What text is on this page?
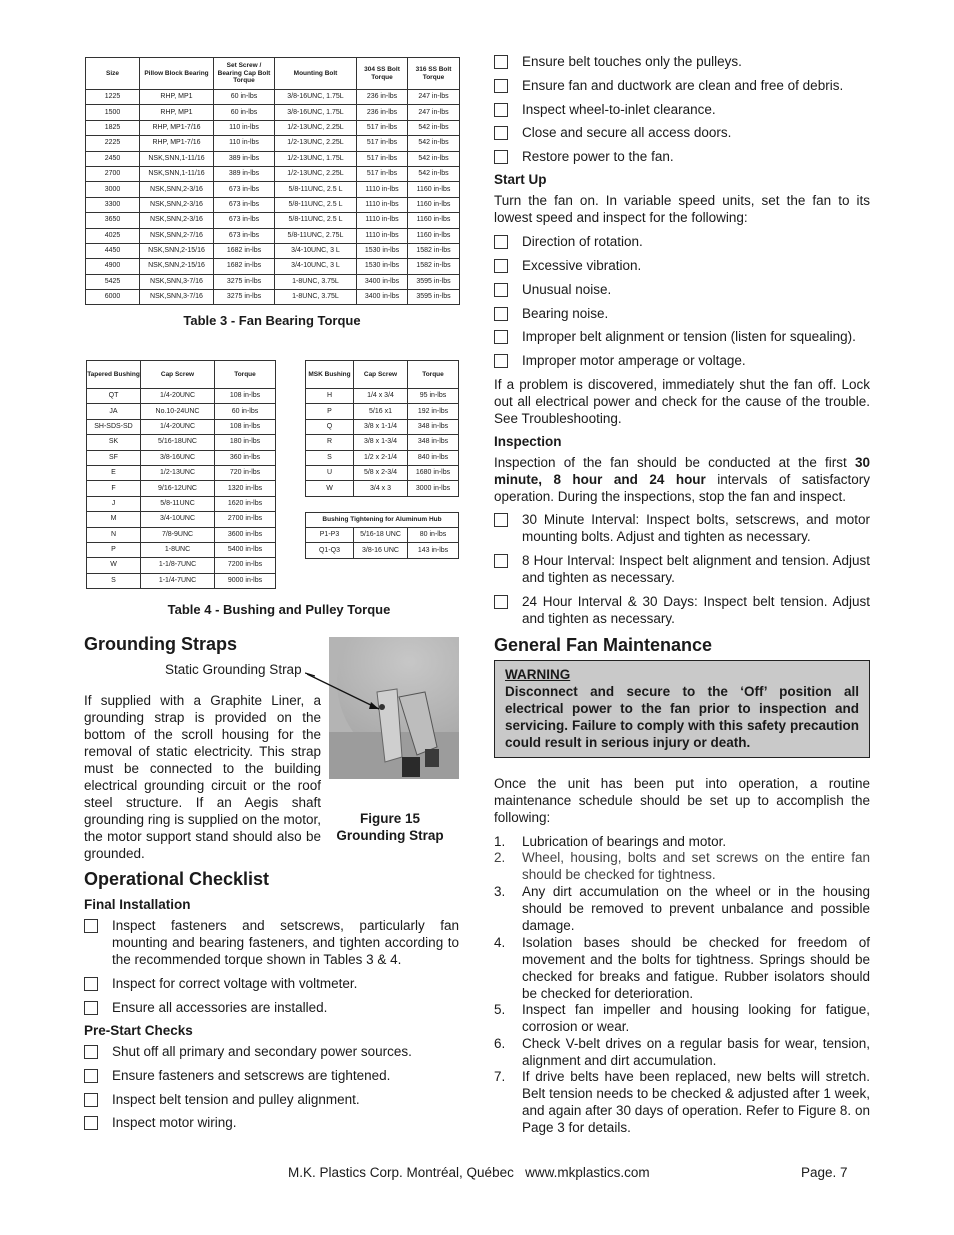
Size	Pillow Block Bearing	Set Screw / Bearing Cap Bolt Torque	Mounting Bolt	304 SS Bolt Torque	316 SS Bolt Torque
1225	RHP, MP1	60 in-lbs	3/8-16UNC, 1.75L	236 in-lbs	247 in-lbs
1500	RHP, MP1	60 in-lbs	3/8-16UNC, 1.75L	236 in-lbs	247 in-lbs
1825	RHP, MP1-7/16	110 in-lbs	1/2-13UNC, 2.25L	517 in-lbs	542 in-lbs
2225	RHP, MP1-7/16	110 in-lbs	1/2-13UNC, 2.25L	517 in-lbs	542 in-lbs
2450	NSK,SNN,1-11/16	389 in-lbs	1/2-13UNC, 1.75L	517 in-lbs	542 in-lbs
2700	NSK,SNN,1-11/16	389 in-lbs	1/2-13UNC, 2.25L	517 in-lbs	542 in-lbs
3000	NSK,SNN,2-3/16	673 in-lbs	5/8-11UNC, 2.5 L	1110 in-lbs	1160 in-lbs
3300	NSK,SNN,2-3/16	673 in-lbs	5/8-11UNC, 2.5 L	1110 in-lbs	1160 in-lbs
3650	NSK,SNN,2-3/16	673 in-lbs	5/8-11UNC, 2.5 L	1110 in-lbs	1160 in-lbs
4025	NSK,SNN,2-7/16	673 in-lbs	5/8-11UNC, 2.75L	1110 in-lbs	1160 in-lbs
4450	NSK,SNN,2-15/16	1682 in-lbs	3/4-10UNC, 3 L	1530 in-lbs	1582 in-lbs
4900	NSK,SNN,2-15/16	1682 in-lbs	3/4-10UNC, 3 L	1530 in-lbs	1582 in-lbs
5425	NSK,SNN,3-7/16	3275 in-lbs	1-8UNC, 3.75L	3400 in-lbs	3595 in-lbs
6000	NSK,SNN,3-7/16	3275 in-lbs	1-8UNC, 3.75L	3400 in-lbs	3595 in-lbs
Table 3 - Fan Bearing Torque
Tapered Bushing	Cap Screw	Torque
QT	1/4-20UNC	108 in-lbs
JA	No.10-24UNC	60 in-lbs
SH-SDS-SD	1/4-20UNC	108 in-lbs
SK	5/16-18UNC	180 in-lbs
SF	3/8-16UNC	360 in-lbs
E	1/2-13UNC	720 in-lbs
F	9/16-12UNC	1320 in-lbs
J	5/8-11UNC	1620 in-lbs
M	3/4-10UNC	2700 in-lbs
N	7/8-9UNC	3600 in-lbs
P	1-8UNC	5400 in-lbs
W	1-1/8-7UNC	7200 in-lbs
S	1-1/4-7UNC	9000 in-lbs
MSK Bushing	Cap Screw	Torque
H	1/4 x 3/4	95 in-lbs
P	5/16 x1	192 in-lbs
Q	3/8 x 1-1/4	348 in-lbs
R	3/8 x 1-3/4	348 in-lbs
S	1/2 x 2-1/4	840 in-lbs
U	5/8 x 2-3/4	1680 in-lbs
W	3/4 x 3	3000 in-lbs
Bushing Tightening for Aluminum Hub		
P1-P3	5/16-18 UNC	80 in-lbs
Q1-Q3	3/8-16 UNC	143 in-lbs
Table 4 - Bushing and Pulley Torque
Grounding Straps
Static Grounding Strap
If supplied with a Graphite Liner, a grounding strap is provided on the bottom of the scroll housing for the removal of static electricity. This strap must be connected to the building electrical grounding circuit or the roof steel structure. If an Aegis shaft grounding ring is supplied on the motor, the motor support stand should also be grounded.
Figure 15
Grounding Strap
Operational Checklist
Final Installation
Inspect fasteners and setscrews, particularly fan mounting and bearing fasteners, and tighten according to the recommended torque shown in Tables 3 & 4.
Inspect for correct voltage with voltmeter.
Ensure all accessories are installed.
Pre-Start Checks
Shut off all primary and secondary power sources.
Ensure fasteners and setscrews are tightened.
Inspect belt tension and pulley alignment.
Inspect motor wiring.
Ensure belt touches only the pulleys.
Ensure fan and ductwork are clean and free of debris.
Inspect wheel-to-inlet clearance.
Close and secure all access doors.
Restore power to the fan.
Start Up
Turn the fan on. In variable speed units, set the fan to its lowest speed and inspect for the following:
Direction of rotation.
Excessive vibration.
Unusual noise.
Bearing noise.
Improper belt alignment or tension (listen for squealing).
Improper motor amperage or voltage.
If a problem is discovered, immediately shut the fan off. Lock out all electrical power and check for the cause of the trouble. See Troubleshooting.
Inspection
Inspection of the fan should be conducted at the first 30 minute, 8 hour and 24 hour intervals of satisfactory operation. During the inspections, stop the fan and inspect.
30 Minute Interval: Inspect bolts, setscrews, and motor mounting bolts. Adjust and tighten as necessary.
8 Hour Interval: Inspect belt alignment and tension. Adjust and tighten as necessary.
24 Hour Interval & 30 Days: Inspect belt tension. Adjust and tighten as necessary.
General Fan Maintenance
WARNING
Disconnect and secure to the ‘Off’ position all electrical power to the fan prior to inspection and servicing. Failure to comply with this safety precaution could result in serious injury or death.
Once the unit has been put into operation, a routine maintenance schedule should be set up to accomplish the following:
1. Lubrication of bearings and motor.
2. Wheel, housing, bolts and set screws on the entire fan should be checked for tightness.
3. Any dirt accumulation on the wheel or in the housing should be removed to prevent unbalance and possible damage.
4. Isolation bases should be checked for freedom of movement and the bolts for tightness. Springs should be checked for breaks and fatigue. Rubber isolators should be checked for deterioration.
5. Inspect fan impeller and housing looking for fatigue, corrosion or wear.
6. Check V-belt drives on a regular basis for wear, tension, alignment and dirt accumulation.
7. If drive belts have been replaced, new belts will stretch. Belt tension needs to be checked & adjusted after 1 week, and again after 30 days of operation. Refer to Figure 8. on Page 3 for details.
M.K. Plastics Corp. Montréal, Québec   www.mkplastics.com	Page. 7
